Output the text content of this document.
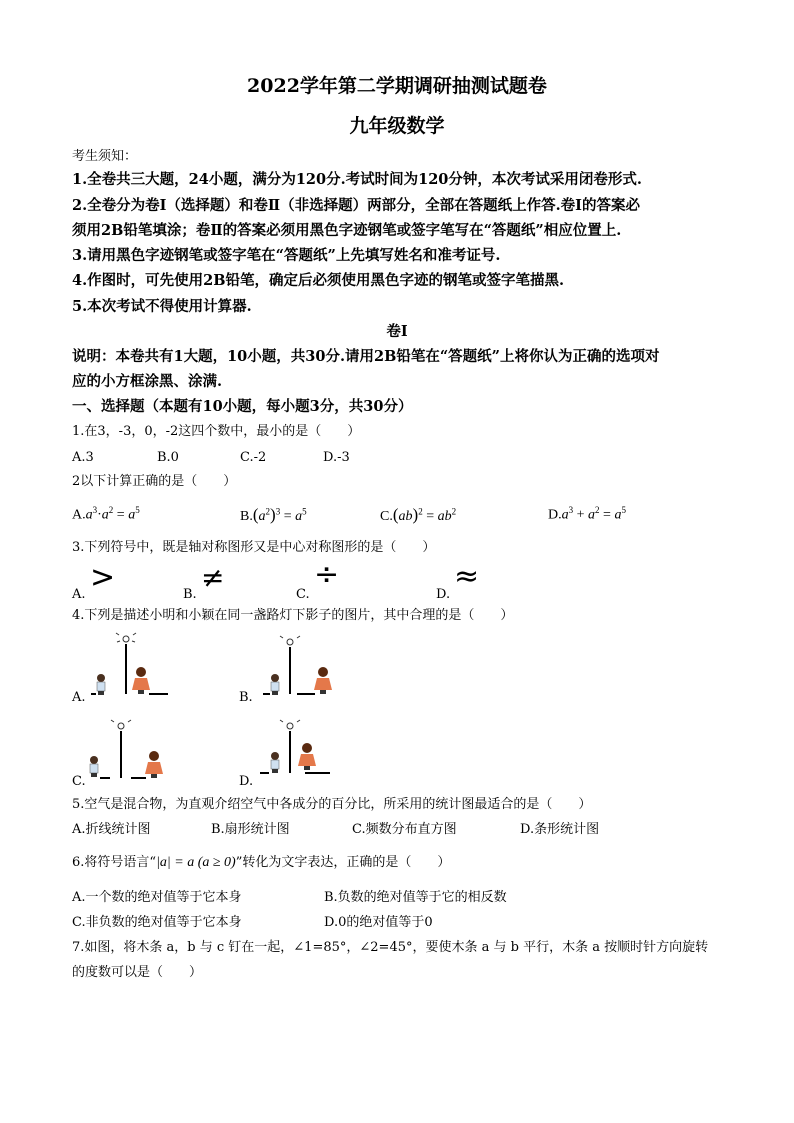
2022学年第二学期调研抽测试题卷
九年级数学
考生须知：
1.全卷共三大题，24小题，满分为120分.考试时间为120分钟，本次考试采用闭卷形式.
2.全卷分为卷Ⅰ（选择题）和卷Ⅱ（非选择题）两部分，全部在答题纸上作答.卷Ⅰ的答案必
须用2B铅笔填涂；卷Ⅱ的答案必须用黑色字迹钢笔或签字笔写在“答题纸”相应位置上.
3.请用黑色字迹钢笔或签字笔在“答题纸”上先填写姓名和准考证号.
4.作图时，可先使用2B铅笔，确定后必须使用黑色字迹的钢笔或签字笔描黑.
5.本次考试不得使用计算器.
卷Ⅰ
说明：本卷共有1大题，10小题，共30分.请用2B铅笔在“答题纸”上将你认为正确的选项对
应的小方框涂黑、涂满.
一、选择题（本题有10小题，每小题3分，共30分）
1.在3，-3，0，-2这四个数中，最小的是（　　）
A.3	B.0	C.-2	D.-3
2以下计算正确的是（　　）
$A.a^3\cdot a^2 = a^5$	$B.(a^2)^3 = a^5$	$C.(ab)^2 = ab^2$	$D.a^3 + a^2 = a^5$
3.下列符号中，既是轴对称图形又是中心对称图形的是（　　）
A. >	B.
≠
C.
÷
D.
≈
4.下列是描述小明和小颖在同一盏路灯下影子的图片，其中合理的是（　　）
A.	B.
C.	D.
5.空气是混合物，为直观介绍空气中各成分的百分比，所采用的统计图最适合的是（　　）
A.折线统计图	B.扇形统计图	C.频数分布直方图	D.条形统计图
6.将符号语言“|a| = a (a ≥ 0)”转化为文字表达，正确的是（　　）
A.一个数的绝对值等于它本身	B.负数的绝对值等于它的相反数
C.非负数的绝对值等于它本身	D.0的绝对值等于0
7.如图，将木条 a，b 与 c 钉在一起，∠1=85°，∠2=45°，要使木条 a 与 b 平行，木条 a 按顺时针方向旋转
的度数可以是（　　）
